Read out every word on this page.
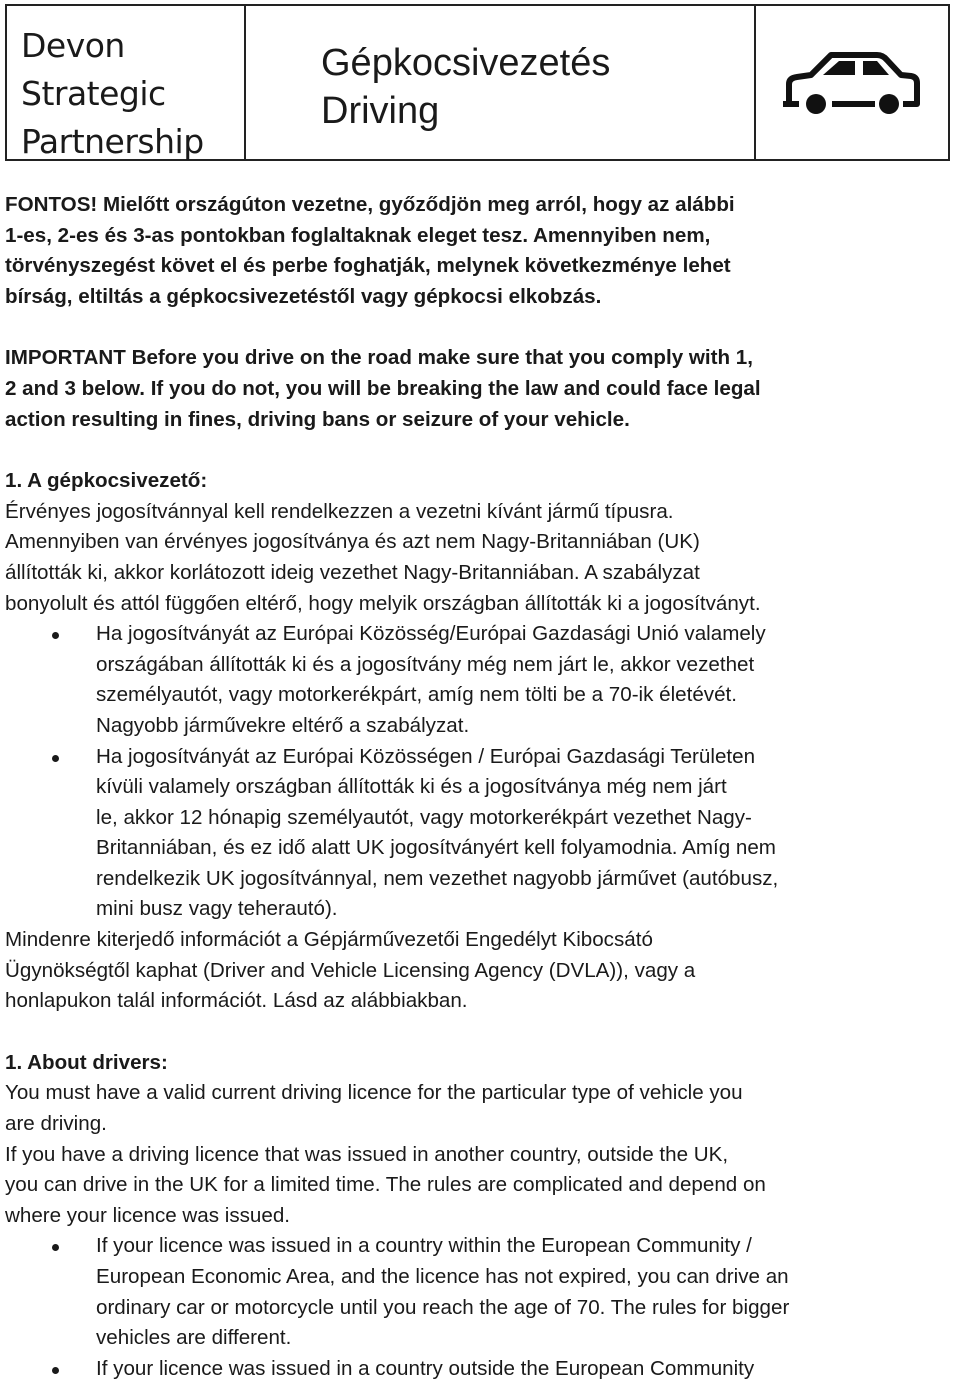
Devon
Strategic
Partnership
Gépkocsivezetés
Driving

FONTOS! Mielőtt országúton vezetne, győződjön meg arról, hogy az alábbi
1-es, 2-es és 3-as pontokban foglaltaknak eleget tesz. Amennyiben nem,
törvényszegést követ el és perbe foghatják, melynek következménye lehet
bírság, eltiltás a gépkocsivezetéstől vagy gépkocsi elkobzás.

IMPORTANT Before you drive on the road make sure that you comply with 1,
2 and 3 below. If you do not, you will be breaking the law and could face legal
action resulting in fines, driving bans or seizure of your vehicle.

1. A gépkocsivezető:

Érvényes jogosítvánnyal kell rendelkezzen a vezetni kívánt jármű típusra.
Amennyiben van érvényes jogosítványa és azt nem Nagy-Britanniában (UK)
állították ki, akkor korlátozott ideig vezethet Nagy-Britanniában. A szabályzat
bonyolult és attól függően eltérő, hogy melyik országban állították ki a jogosítványt.

Ha jogosítványát az Európai Közösség/Európai Gazdasági Unió valamely
országában állították ki és a jogosítvány még nem járt le, akkor vezethet
személyautót, vagy motorkerékpárt, amíg nem tölti be a 70-ik életévét.
Nagyobb járművekre eltérő a szabályzat.
Ha jogosítványát az Európai Közösségen / Európai Gazdasági Területen
kívüli valamely országban állították ki és a jogosítványa még nem járt
le, akkor 12 hónapig személyautót, vagy motorkerékpárt vezethet Nagy-
Britanniában, és ez idő alatt UK jogosítványért kell folyamodnia. Amíg nem
rendelkezik UK jogosítvánnyal, nem vezethet nagyobb járművet (autóbusz,
mini busz vagy teherautó).

Mindenre kiterjedő információt a Gépjárművezetői Engedélyt Kibocsátó
Ügynökségtől kaphat (Driver and Vehicle Licensing Agency (DVLA)), vagy a
honlapukon talál információt. Lásd az alábbiakban.

1. About drivers:

You must have a valid current driving licence for the particular type of vehicle you
are driving.
If you have a driving licence that was issued in another country, outside the UK,
you can drive in the UK for a limited time. The rules are complicated and depend on
where your licence was issued.

If your licence was issued in a country within the European Community /
European Economic Area, and the licence has not expired, you can drive an
ordinary car or motorcycle until you reach the age of 70. The rules for bigger
vehicles are different.
If your licence was issued in a country outside the European Community
